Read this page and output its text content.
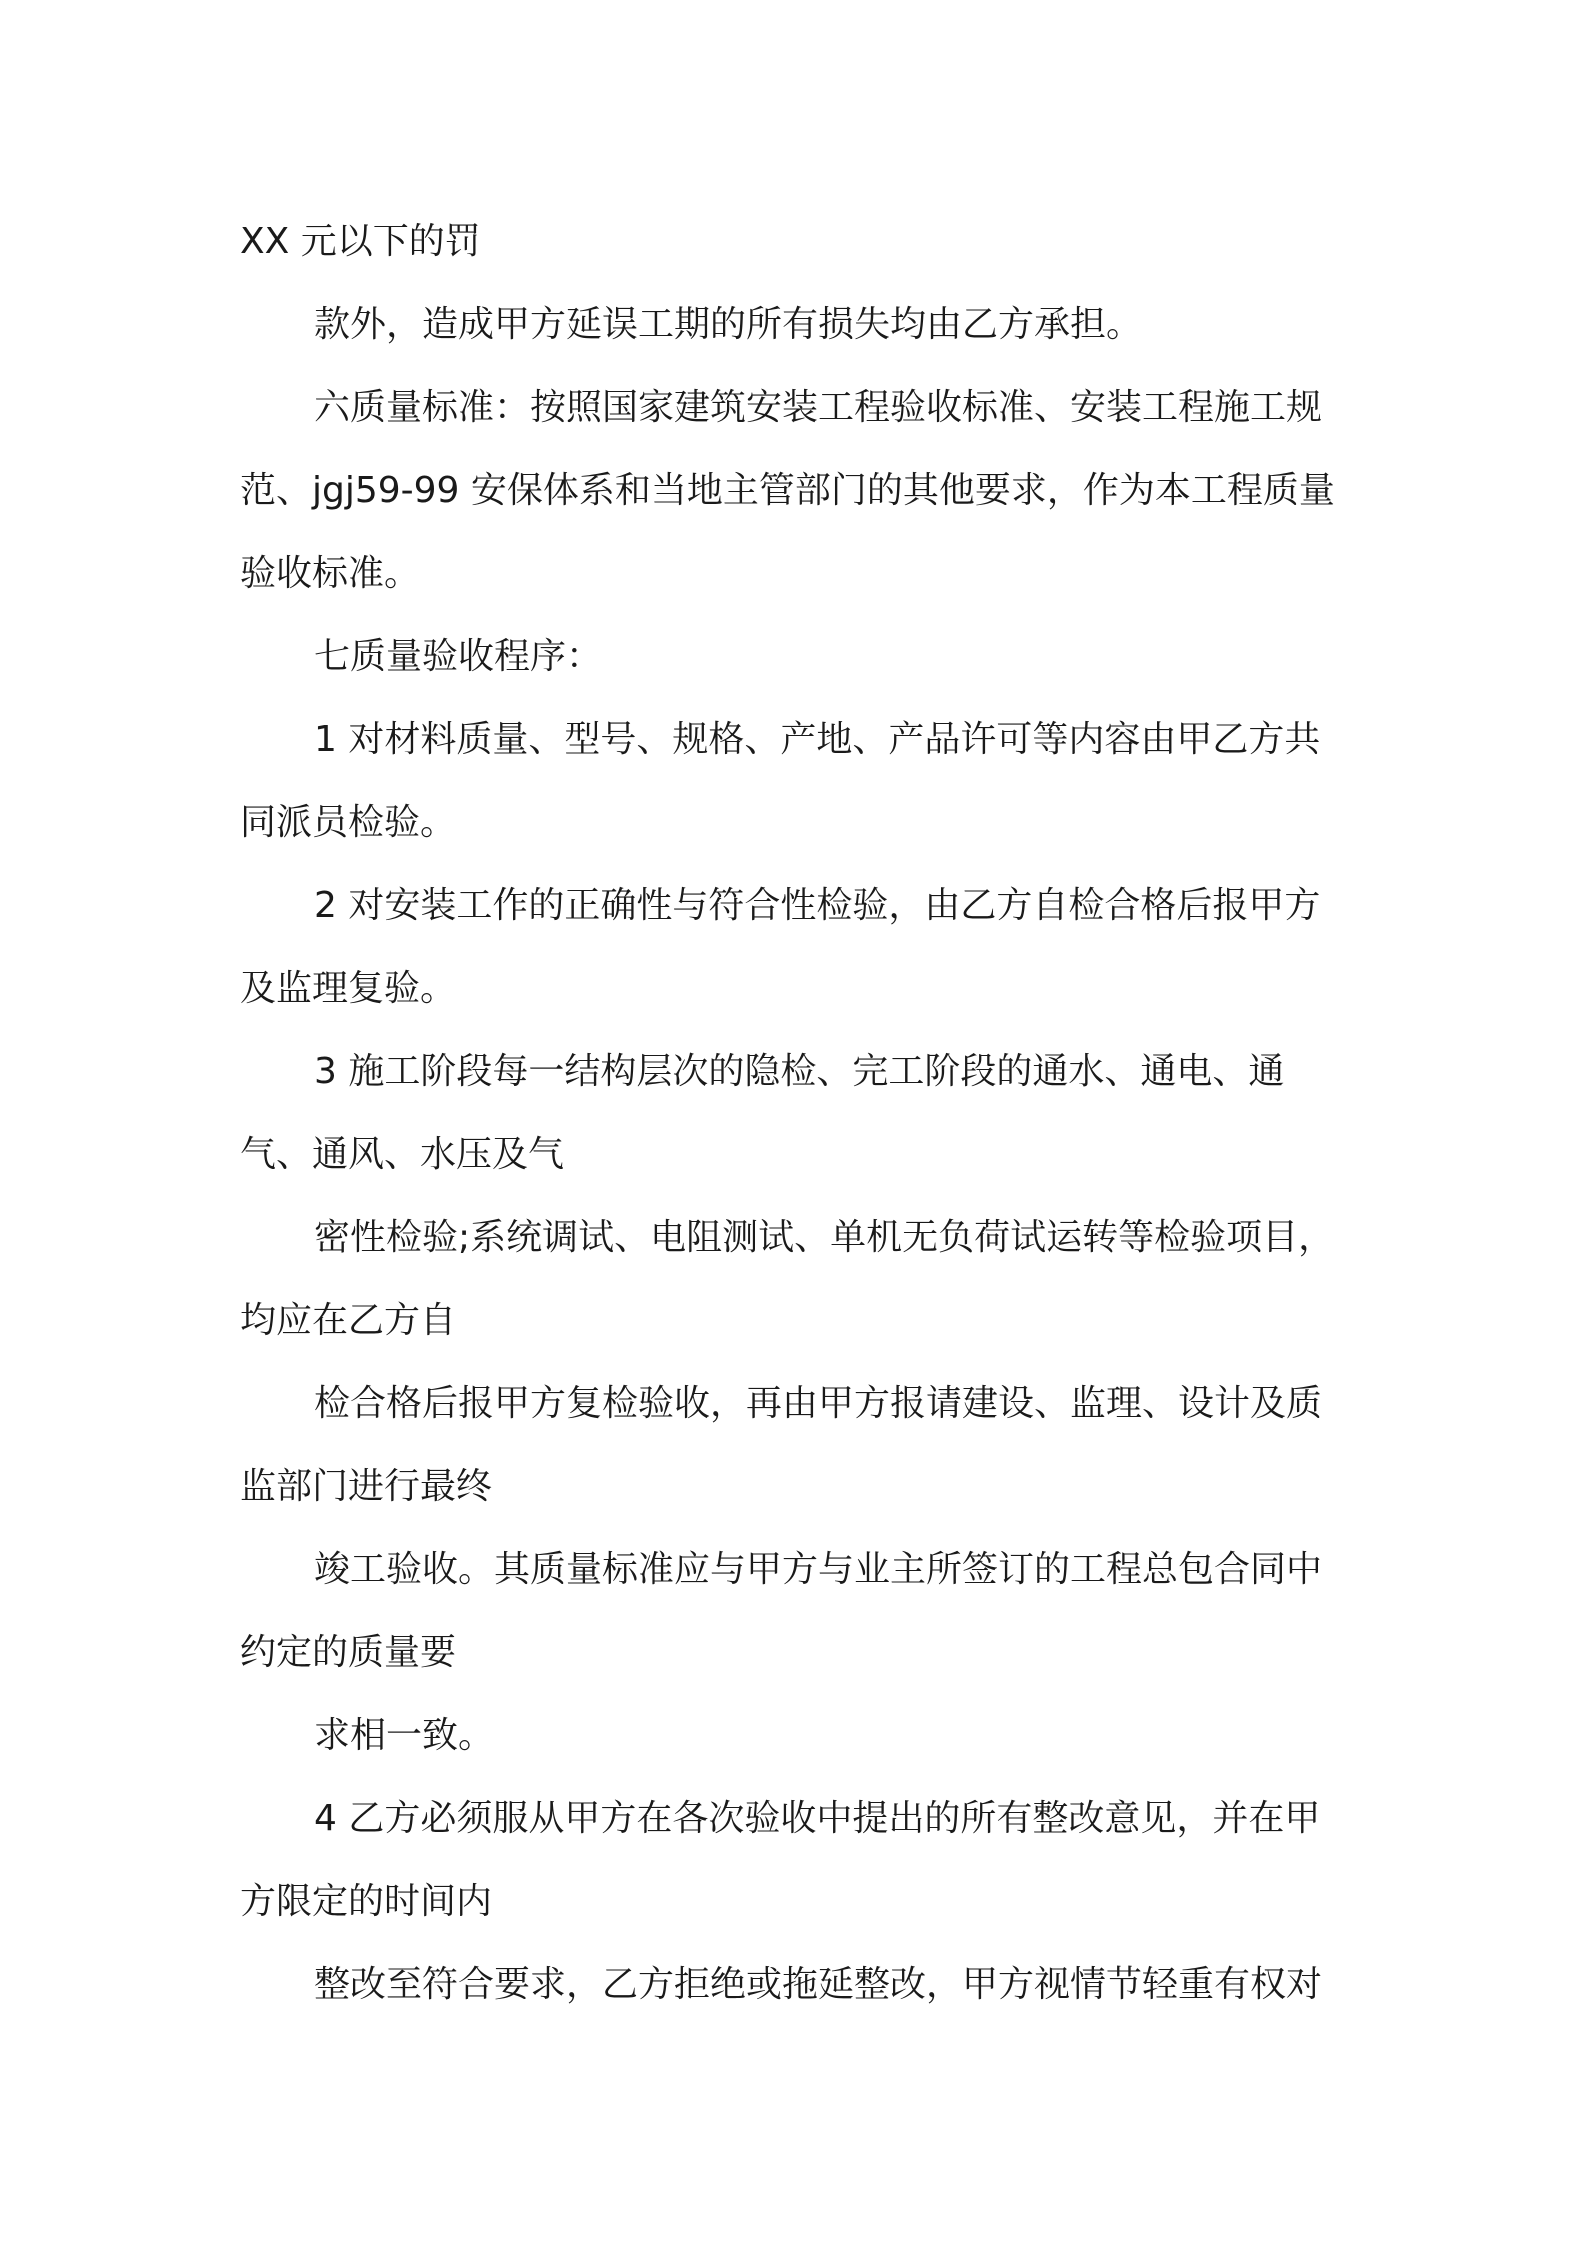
XX 元以下的罚

款外，造成甲方延误工期的所有损失均由乙方承担。

六质量标准：按照国家建筑安装工程验收标准、安装工程施工规范、jgj59-99 安保体系和当地主管部门的其他要求，作为本工程质量验收标准。

七质量验收程序：

1 对材料质量、型号、规格、产地、产品许可等内容由甲乙方共同派员检验。

2 对安装工作的正确性与符合性检验，由乙方自检合格后报甲方及监理复验。

3 施工阶段每一结构层次的隐检、完工阶段的通水、通电、通气、通风、水压及气

密性检验;系统调试、电阻测试、单机无负荷试运转等检验项目，均应在乙方自

检合格后报甲方复检验收，再由甲方报请建设、监理、设计及质监部门进行最终

竣工验收。其质量标准应与甲方与业主所签订的工程总包合同中约定的质量要

求相一致。

4 乙方必须服从甲方在各次验收中提出的所有整改意见，并在甲方限定的时间内

整改至符合要求，乙方拒绝或拖延整改，甲方视情节轻重有权对
